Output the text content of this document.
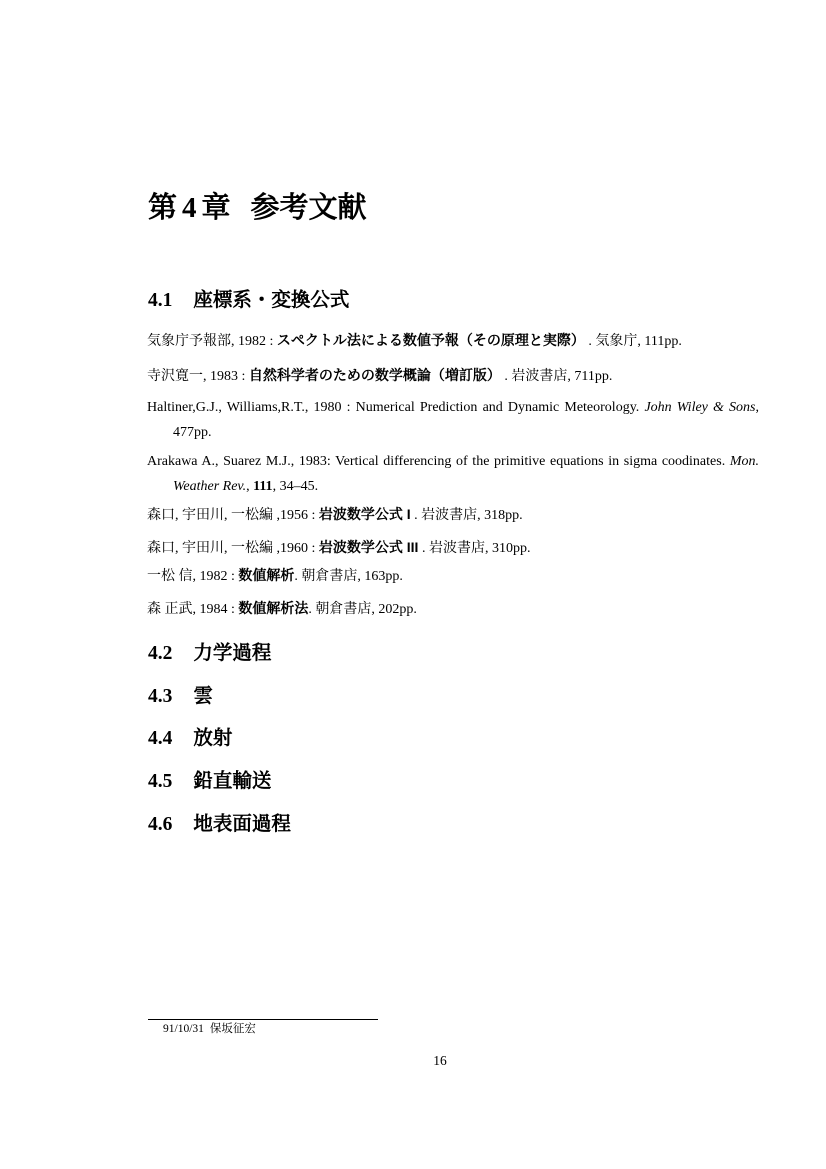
第 4 章 参考文献
4.1 座標系・変換公式
気象庁予報部, 1982 : スペクトル法による数値予報（その原理と実際） . 気象庁, 111pp.
寺沢寛一, 1983 : 自然科学者のための数学概論（増訂版） . 岩波書店, 711pp.
Haltiner,G.J., Williams,R.T., 1980 : Numerical Prediction and Dynamic Meteorology. John Wiley & Sons, 477pp.
Arakawa A., Suarez M.J., 1983: Vertical differencing of the primitive equations in sigma coodinates. Mon. Weather Rev., 111, 34–45.
森口, 宇田川, 一松編 ,1956 : 岩波数学公式 I . 岩波書店, 318pp.
森口, 宇田川, 一松編 ,1960 : 岩波数学公式 III . 岩波書店, 310pp.
一松 信, 1982 : 数値解析. 朝倉書店, 163pp.
森 正武, 1984 : 数値解析法. 朝倉書店, 202pp.
4.2 力学過程
4.3 雲
4.4 放射
4.5 鉛直輸送
4.6 地表面過程
91/10/31 保坂征宏
16
